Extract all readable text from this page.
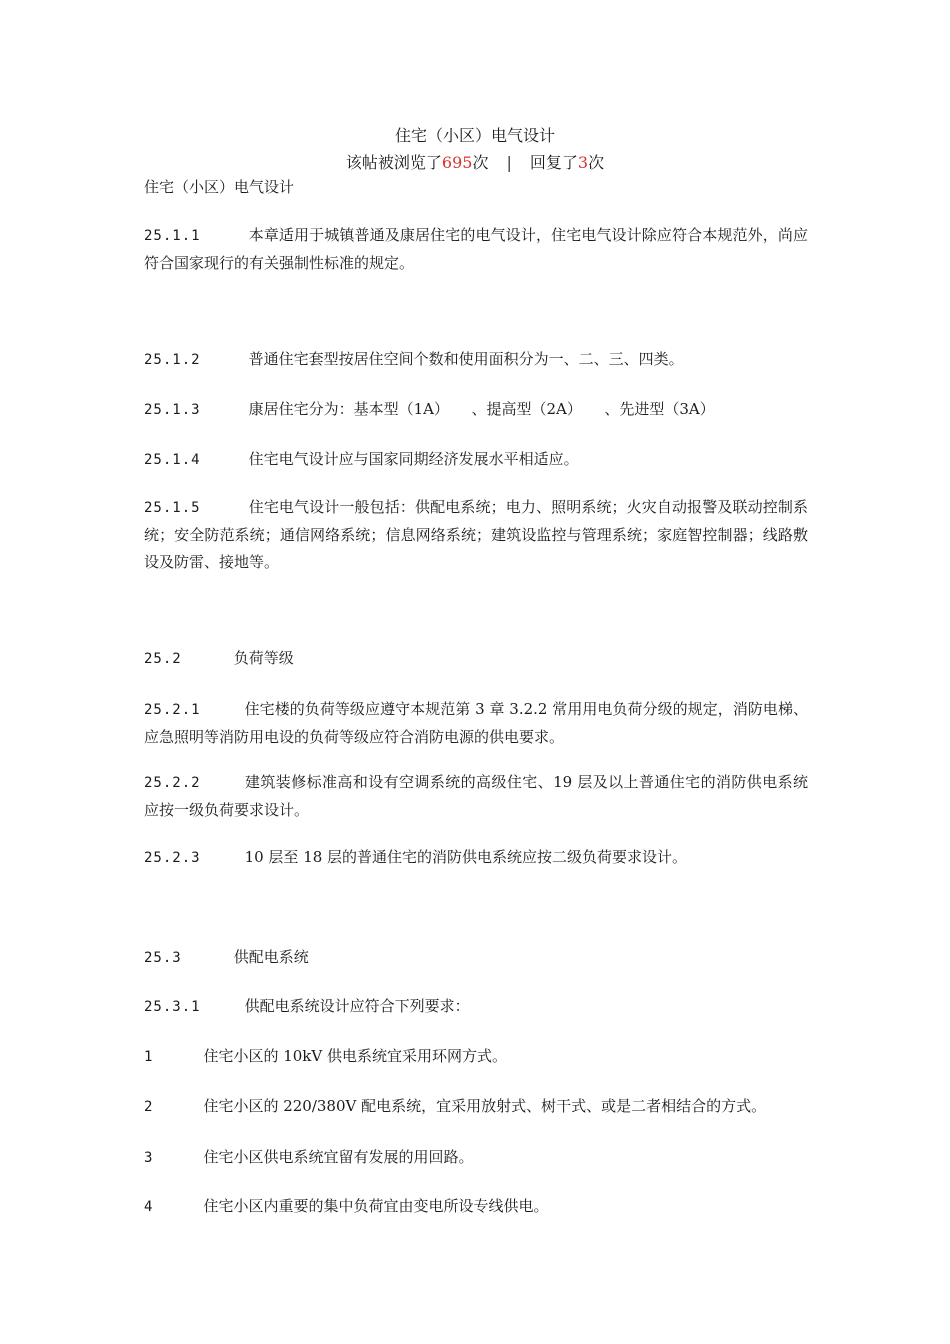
住宅（小区）电气设计
该帖被浏览了695次 | 回复了3次
住宅（小区）电气设计
25.1.1	本章适用于城镇普通及康居住宅的电气设计，住宅电气设计除应符合本规范外，尚应符合国家现行的有关强制性标准的规定。
25.1.2	普通住宅套型按居住空间个数和使用面积分为一、二、三、四类。
25.1.3	康居住宅分为：基本型（1A）　　、提高型（2A）　　、先进型（3A）
25.1.4	住宅电气设计应与国家同期经济发展水平相适应。
25.1.5	住宅电气设计一般包括：供配电系统；电力、照明系统；火灾自动报警及联动控制系统；安全防范系统；通信网络系统；信息网络系统；建筑设监控与管理系统；家庭智控制器；线路敷设及防雷、接地等。
25.2	负荷等级
25.2.1	住宅楼的负荷等级应遵守本规范第 3 章 3.2.2 常用用电负荷分级的规定，消防电梯、应急照明等消防用电设的负荷等级应符合消防电源的供电要求。
25.2.2	建筑装修标准高和设有空调系统的高级住宅、19 层及以上普通住宅的消防供电系统应按一级负荷要求设计。
25.2.3	10 层至 18 层的普通住宅的消防供电系统应按二级负荷要求设计。
25.3	供配电系统
25.3.1	供配电系统设计应符合下列要求：
1	住宅小区的 10kV 供电系统宜采用环网方式。
2	住宅小区的 220/380V 配电系统，宜采用放射式、树干式、或是二者相结合的方式。
3	住宅小区供电系统宜留有发展的用回路。
4	住宅小区内重要的集中负荷宜由变电所设专线供电。
